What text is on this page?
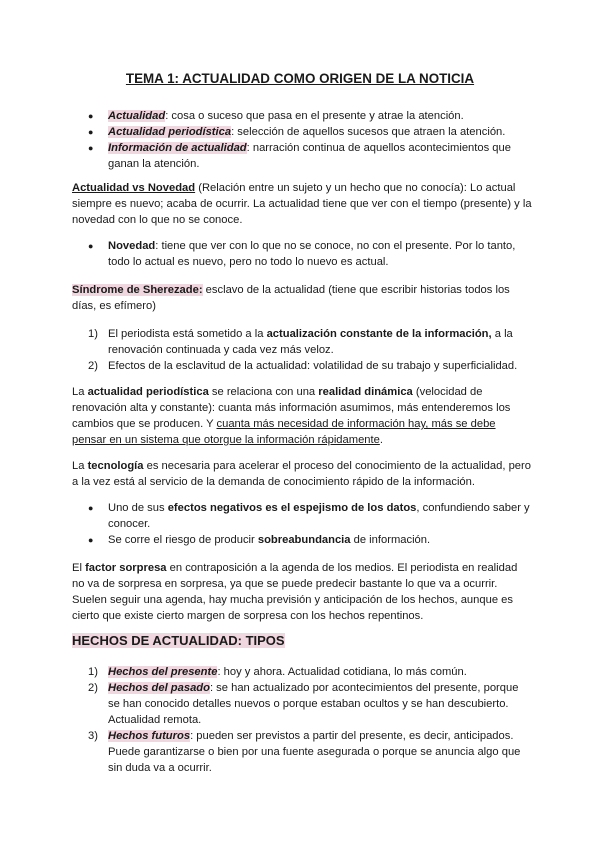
TEMA 1: ACTUALIDAD COMO ORIGEN DE LA NOTICIA
● Actualidad: cosa o suceso que pasa en el presente y atrae la atención.
● Actualidad periodística: selección de aquellos sucesos que atraen la atención.
● Información de actualidad: narración continua de aquellos acontecimientos que ganan la atención.
Actualidad vs Novedad (Relación entre un sujeto y un hecho que no conocía): Lo actual siempre es nuevo; acaba de ocurrir. La actualidad tiene que ver con el tiempo (presente) y la novedad con lo que no se conoce.
● Novedad: tiene que ver con lo que no se conoce, no con el presente. Por lo tanto, todo lo actual es nuevo, pero no todo lo nuevo es actual.
Síndrome de Sherezade: esclavo de la actualidad (tiene que escribir historias todos los días, es efímero)
1) El periodista está sometido a la actualización constante de la información, a la renovación continuada y cada vez más veloz.
2) Efectos de la esclavitud de la actualidad: volatilidad de su trabajo y superficialidad.
La actualidad periodística se relaciona con una realidad dinámica (velocidad de renovación alta y constante): cuanta más información asumimos, más entenderemos los cambios que se producen. Y cuanta más necesidad de información hay, más se debe pensar en un sistema que otorgue la información rápidamente.
La tecnología es necesaria para acelerar el proceso del conocimiento de la actualidad, pero a la vez está al servicio de la demanda de conocimiento rápido de la información.
● Uno de sus efectos negativos es el espejismo de los datos, confundiendo saber y conocer.
● Se corre el riesgo de producir sobreabundancia de información.
El factor sorpresa en contraposición a la agenda de los medios. El periodista en realidad no va de sorpresa en sorpresa, ya que se puede predecir bastante lo que va a ocurrir. Suelen seguir una agenda, hay mucha previsión y anticipación de los hechos, aunque es cierto que existe cierto margen de sorpresa con los hechos repentinos.
HECHOS DE ACTUALIDAD: TIPOS
1) Hechos del presente: hoy y ahora. Actualidad cotidiana, lo más común.
2) Hechos del pasado: se han actualizado por acontecimientos del presente, porque se han conocido detalles nuevos o porque estaban ocultos y se han descubierto. Actualidad remota.
3) Hechos futuros: pueden ser previstos a partir del presente, es decir, anticipados. Puede garantizarse o bien por una fuente asegurada o porque se anuncia algo que sin duda va a ocurrir.
